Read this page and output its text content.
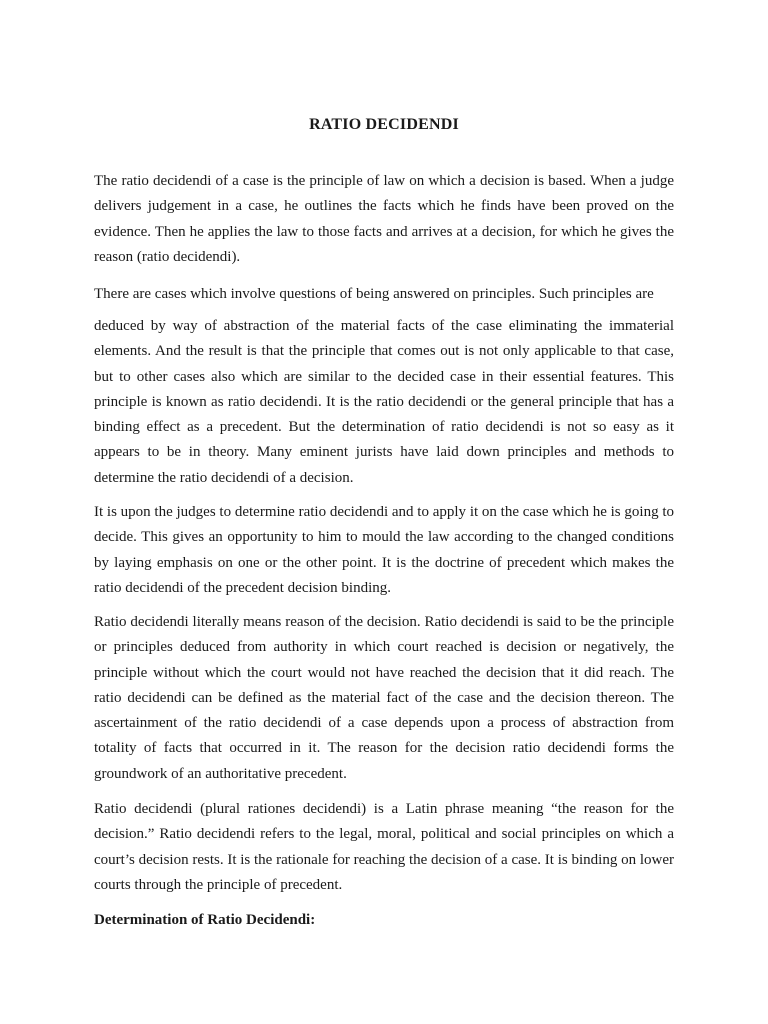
RATIO DECIDENDI

The ratio decidendi of a case is the principle of law on which a decision is based. When a judge delivers judgement in a case, he outlines the facts which he finds have been proved on the evidence. Then he applies the law to those facts and arrives at a decision, for which he gives the reason (ratio decidendi).

There are cases which involve questions of being answered on principles. Such principles are

deduced by way of abstraction of the material facts of the case eliminating the immaterial elements. And the result is that the principle that comes out is not only applicable to that case, but to other cases also which are similar to the decided case in their essential features. This principle is known as ratio decidendi. It is the ratio decidendi or the general principle that has a binding effect as a precedent. But the determination of ratio decidendi is not so easy as it appears to be in theory. Many eminent jurists have laid down principles and methods to determine the ratio decidendi of a decision.

It is upon the judges to determine ratio decidendi and to apply it on the case which he is going to decide. This gives an opportunity to him to mould the law according to the changed conditions by laying emphasis on one or the other point. It is the doctrine of precedent which makes the ratio decidendi of the precedent decision binding.

Ratio decidendi literally means reason of the decision. Ratio decidendi is said to be the principle or principles deduced from authority in which court reached is decision or negatively, the principle without which the court would not have reached the decision that it did reach. The ratio decidendi can be defined as the material fact of the case and the decision thereon. The ascertainment of the ratio decidendi of a case depends upon a process of abstraction from totality of facts that occurred in it. The reason for the decision ratio decidendi forms the groundwork of an authoritative precedent.

Ratio decidendi (plural rationes decidendi) is a Latin phrase meaning “the reason for the decision.” Ratio decidendi refers to the legal, moral, political and social principles on which a court’s decision rests. It is the rationale for reaching the decision of a case. It is binding on lower courts through the principle of precedent.

Determination of Ratio Decidendi:
